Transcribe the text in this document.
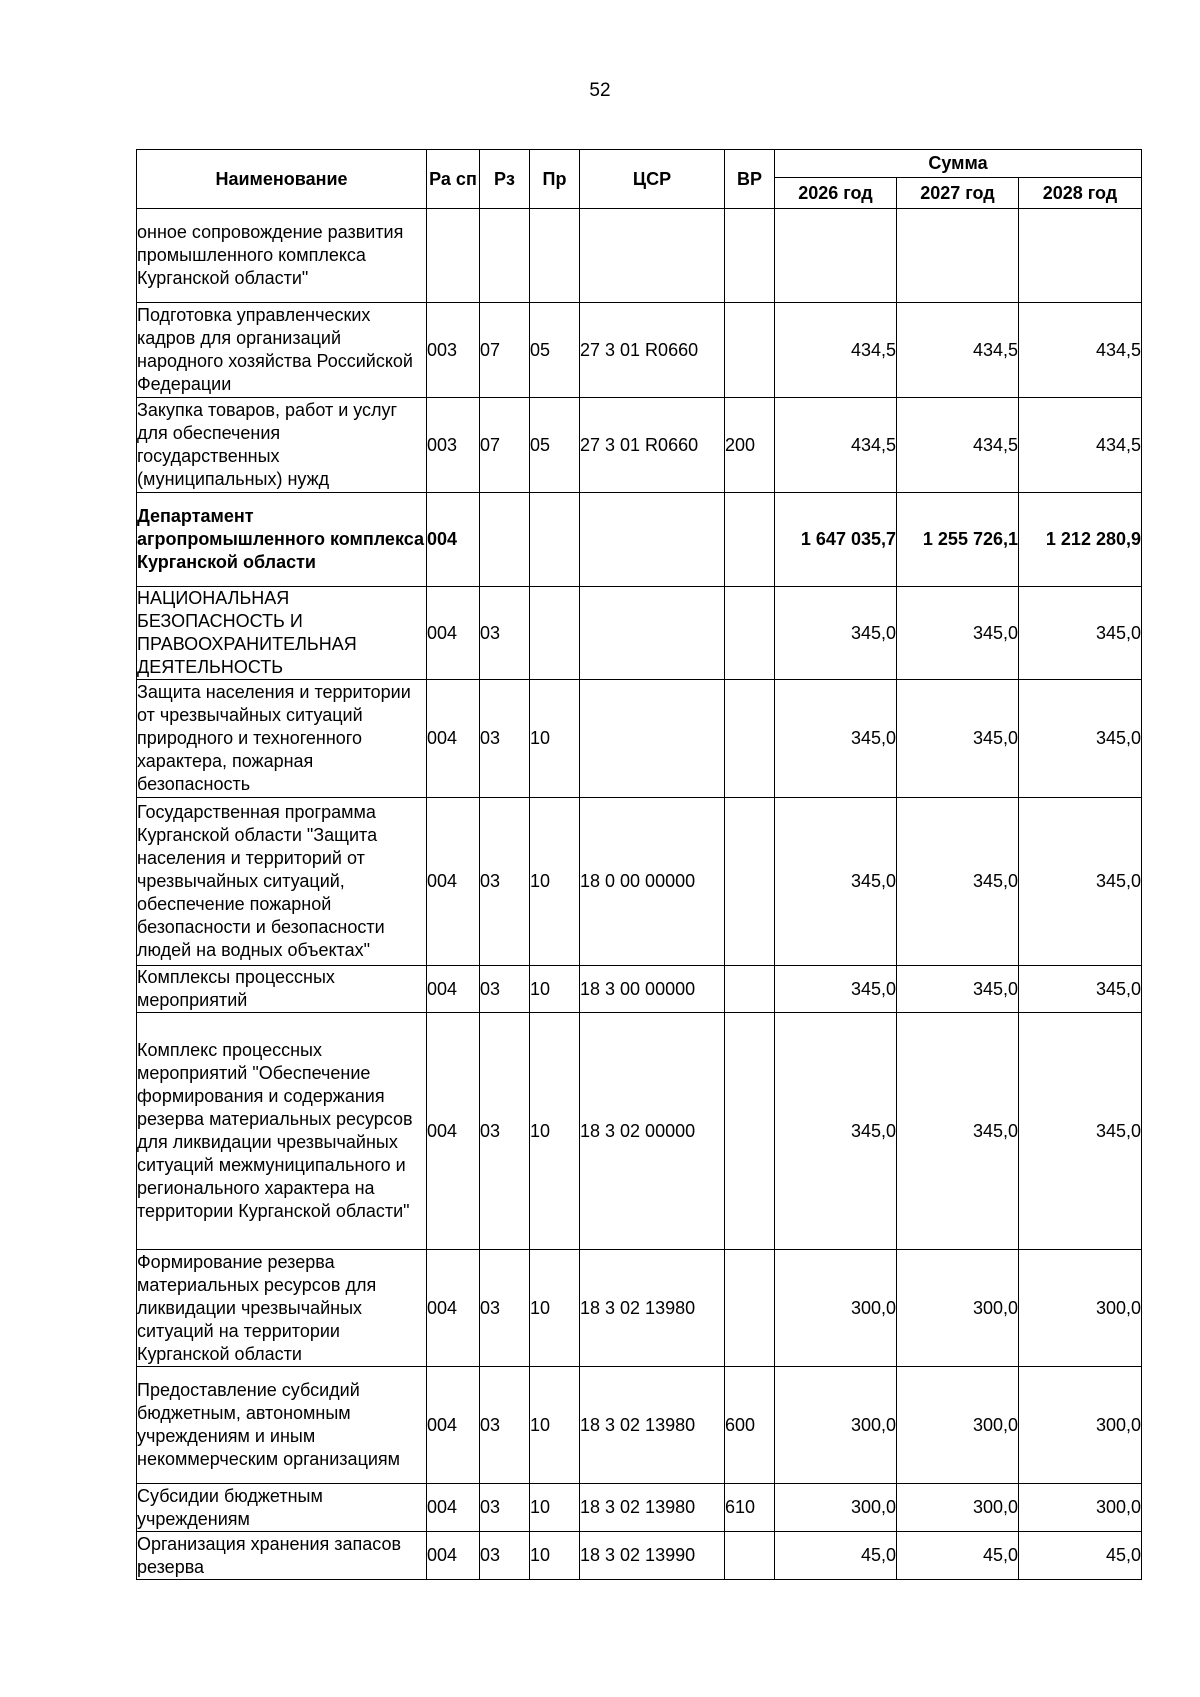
52
Наименование	Ра сп	Рз	Пр	ЦСР	ВР	Сумма		
						2026 год	2027 год	2028 год
онное сопровождение развития промышленного комплекса Курганской области"								
Подготовка управленческих кадров для организаций народного хозяйства Российской Федерации	003	07	05	27 3 01 R0660		434,5	434,5	434,5
Закупка товаров, работ и услуг для обеспечения государственных (муниципальных) нужд	003	07	05	27 3 01 R0660	200	434,5	434,5	434,5
Департамент агропромышленного комплекса Курганской области	004					1 647 035,7	1 255 726,1	1 212 280,9
НАЦИОНАЛЬНАЯ БЕЗОПАСНОСТЬ И ПРАВООХРАНИТЕЛЬНАЯ ДЕЯТЕЛЬНОСТЬ	004	03				345,0	345,0	345,0
Защита населения и территории от чрезвычайных ситуаций природного и техногенного характера, пожарная безопасность	004	03	10			345,0	345,0	345,0
Государственная программа Курганской области "Защита населения и территорий от чрезвычайных ситуаций, обеспечение пожарной безопасности и безопасности людей на водных объектах"	004	03	10	18 0 00 00000		345,0	345,0	345,0
Комплексы процессных мероприятий	004	03	10	18 3 00 00000		345,0	345,0	345,0
Комплекс процессных мероприятий "Обеспечение формирования и содержания резерва материальных ресурсов для ликвидации чрезвычайных ситуаций межмуниципального и регионального характера на территории Курганской области"	004	03	10	18 3 02 00000		345,0	345,0	345,0
Формирование резерва материальных ресурсов для ликвидации чрезвычайных ситуаций на территории Курганской области	004	03	10	18 3 02 13980		300,0	300,0	300,0
Предоставление субсидий бюджетным, автономным учреждениям и иным некоммерческим организациям	004	03	10	18 3 02 13980	600	300,0	300,0	300,0
Субсидии бюджетным учреждениям	004	03	10	18 3 02 13980	610	300,0	300,0	300,0
Организация хранения запасов резерва	004	03	10	18 3 02 13990		45,0	45,0	45,0
